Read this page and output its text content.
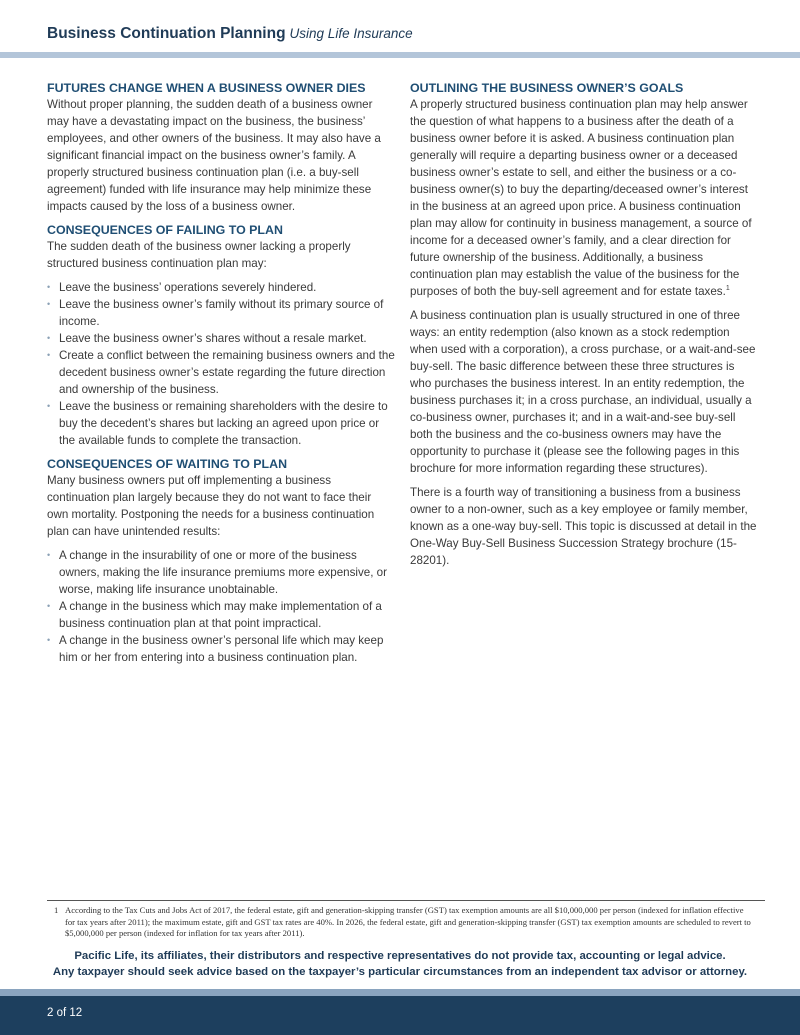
Business Continuation Planning Using Life Insurance
FUTURES CHANGE WHEN A BUSINESS OWNER DIES

Without proper planning, the sudden death of a business owner may have a devastating impact on the business, the business’ employees, and other owners of the business. It may also have a significant financial impact on the business owner’s family. A properly structured business continuation plan (i.e. a buy-sell agreement) funded with life insurance may help minimize these impacts caused by the loss of a business owner.

CONSEQUENCES OF FAILING TO PLAN

The sudden death of the business owner lacking a properly structured business continuation plan may:

• Leave the business’ operations severely hindered.
• Leave the business owner’s family without its primary source of income.
• Leave the business owner’s shares without a resale market.
• Create a conflict between the remaining business owners and the decedent business owner’s estate regarding the future direction and ownership of the business.
• Leave the business or remaining shareholders with the desire to buy the decedent’s shares but lacking an agreed upon price or the available funds to complete the transaction.
CONSEQUENCES OF WAITING TO PLAN

Many business owners put off implementing a business continuation plan largely because they do not want to face their own mortality. Postponing the needs for a business continuation plan can have unintended results:

• A change in the insurability of one or more of the business owners, making the life insurance premiums more expensive, or worse, making life insurance unobtainable.
• A change in the business which may make implementation of a business continuation plan at that point impractical.
• A change in the business owner’s personal life which may keep him or her from entering into a business continuation plan.
OUTLINING THE BUSINESS OWNER’S GOALS

A properly structured business continuation plan may help answer the question of what happens to a business after the death of a business owner before it is asked. A business continuation plan generally will require a departing business owner or a deceased business owner’s estate to sell, and either the business or a co-business owner(s) to buy the departing/deceased owner’s interest in the business at an agreed upon price. A business continuation plan may allow for continuity in business management, a source of income for a deceased owner’s family, and a clear direction for future ownership of the business. Additionally, a business continuation plan may establish the value of the business for the purposes of both the buy-sell agreement and for estate taxes.$^1$

A business continuation plan is usually structured in one of three ways: an entity redemption (also known as a stock redemption when used with a corporation), a cross purchase, or a wait-and-see buy-sell. The basic difference between these three structures is who purchases the business interest. In an entity redemption, the business purchases it; in a cross purchase, an individual, usually a co-business owner, purchases it; and in a wait-and-see buy-sell both the business and the co-business owners may have the opportunity to purchase it (please see the following pages in this brochure for more information regarding these structures).

There is a fourth way of transitioning a business from a business owner to a non-owner, such as a key employee or family member, known as a one-way buy-sell. This topic is discussed at detail in the One-Way Buy-Sell Business Succession Strategy brochure (15-28201).

1 According to the Tax Cuts and Jobs Act of 2017, the federal estate, gift and generation-skipping transfer (GST) tax exemption amounts are all $10,000,000 per person (indexed for inflation effective for tax years after 2011); the maximum estate, gift and GST tax rates are 40%. In 2026, the federal estate, gift and generation-skipping transfer (GST) tax exemption amounts are scheduled to revert to $5,000,000 per person (indexed for inflation for tax years after 2011).
Pacific Life, its affiliates, their distributors and respective representatives do not provide tax, accounting or legal advice.
Any taxpayer should seek advice based on the taxpayer’s particular circumstances from an independent tax advisor or attorney.
2 of 12
